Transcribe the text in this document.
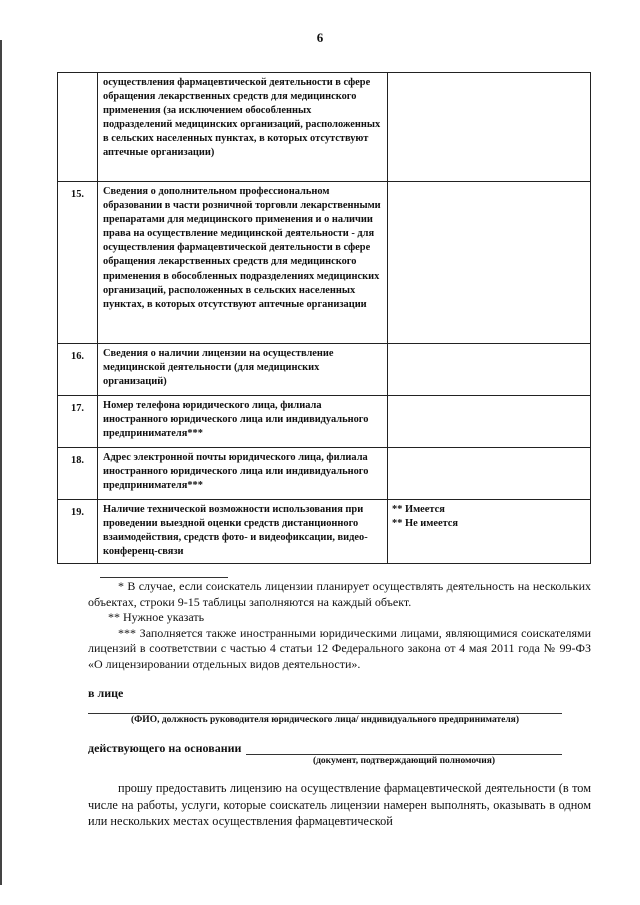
6
	осуществления фармацевтической деятельности в сфере обращения лекарственных средств для медицинского применения (за исключением обособленных подразделений медицинских организаций, расположенных в сельских населенных пунктах, в которых отсутствуют аптечные организации)	
15.	Сведения о дополнительном профессиональном образовании в части розничной торговли лекарственными препаратами для медицинского применения и о наличии права на осуществление медицинской деятельности - для осуществления фармацевтической деятельности в сфере обращения лекарственных средств для медицинского применения в обособленных подразделениях медицинских организаций, расположенных в сельских населенных пунктах, в которых отсутствуют аптечные организации	
16.	Сведения о наличии лицензии на осуществление медицинской деятельности (для медицинских организаций)	
17.	Номер телефона юридического лица, филиала иностранного юридического лица или индивидуального предпринимателя***	
18.	Адрес электронной почты юридического лица, филиала иностранного юридического лица или индивидуального предпринимателя***	
19.	Наличие технической возможности использования при проведении выездной оценки средств дистанционного взаимодействия, средств фото- и видеофиксации, видео-конференц-связи	** Имеется
** Не имеется

* В случае, если соискатель лицензии планирует осуществлять деятельность на нескольких объектах, строки 9-15 таблицы заполняются на каждый объект.

** Нужное указать

*** Заполняется также иностранными юридическими лицами, являющимися соискателями лицензий в соответствии с частью 4 статьи 12 Федерального закона от 4 мая 2011 года № 99-ФЗ «О лицензировании отдельных видов деятельности».

в лице
(ФИО, должность руководителя юридического лица/ индивидуального предпринимателя)
действующего на основании
(документ, подтверждающий полномочия)
прошу предоставить лицензию на осуществление фармацевтической деятельности (в том числе на работы, услуги, которые соискатель лицензии намерен выполнять, оказывать в одном или нескольких местах осуществления фармацевтической
